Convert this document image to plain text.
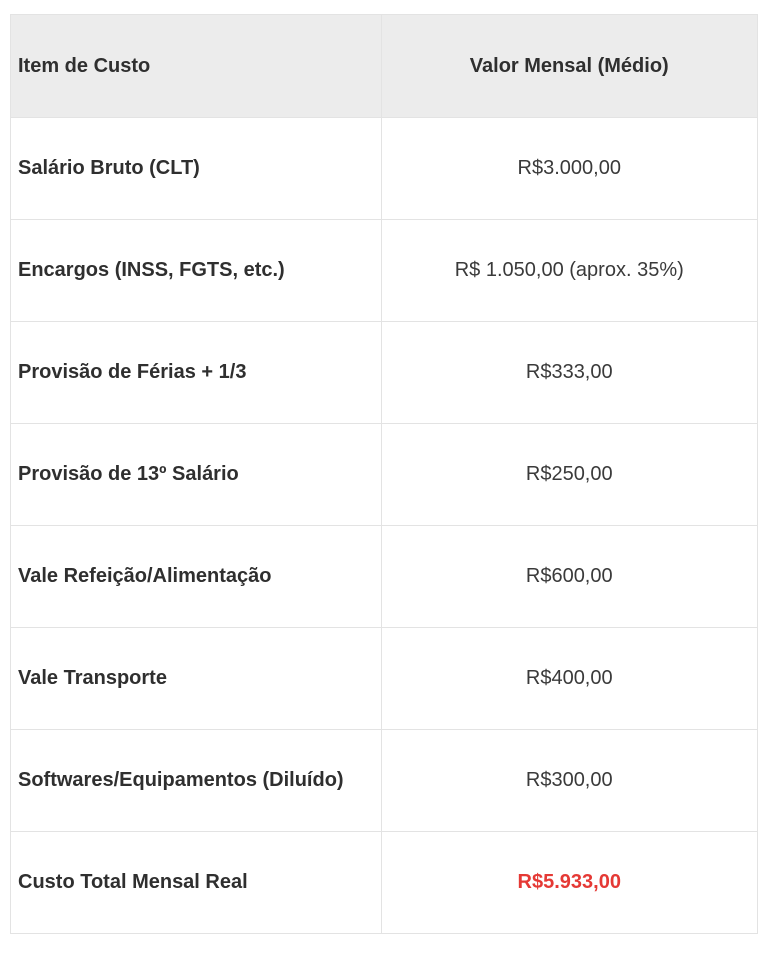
Item de Custo	Valor Mensal (Médio)
Salário Bruto (CLT)	R$3.000,00
Encargos (INSS, FGTS, etc.)	R$ 1.050,00 (aprox. 35%)
Provisão de Férias + 1/3	R$333,00
Provisão de 13º Salário	R$250,00
Vale Refeição/Alimentação	R$600,00
Vale Transporte	R$400,00
Softwares/Equipamentos (Diluído)	R$300,00
Custo Total Mensal Real	R$5.933,00
